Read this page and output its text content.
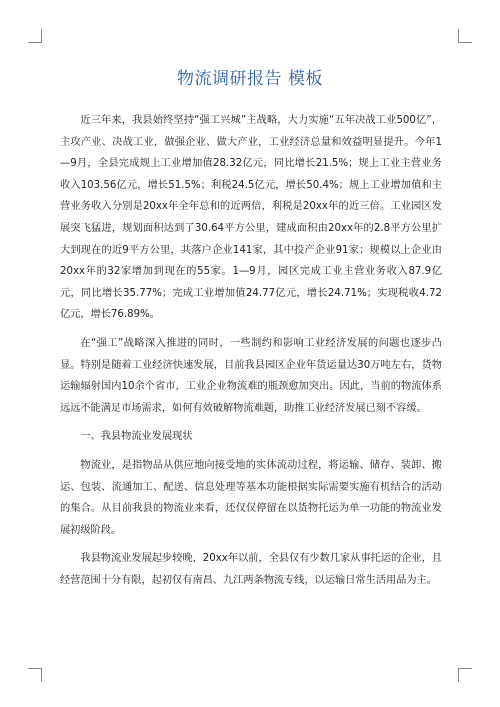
物流调研报告 模板

近三年来，我县始终坚持“强工兴城”主战略，大力实施“五年决战工业500亿”，主攻产业、决战工业，做强企业、做大产业，工业经济总量和效益明显提升。今年1—9月，全县完成规上工业增加值28.32亿元，同比增长21.5%；规上工业主营业务收入103.56亿元，增长51.5%；利税24.5亿元，增长50.4%；规上工业增加值和主营业务收入分别是20xx年全年总和的近两倍，利税是20xx年的近三倍。工业园区发展突飞猛进，规划面积达到了30.64平方公里，建成面积由20xx年的2.8平方公里扩大到现在的近9平方公里，共落户企业141家，其中投产企业91家；规模以上企业由20xx年的32家增加到现在的55家。1—9月，园区完成工业主营业务收入87.9亿元，同比增长35.77%；完成工业增加值24.77亿元，增长24.71%；实现税收4.72亿元，增长76.89%。

在“强工”战略深入推进的同时，一些制约和影响工业经济发展的问题也逐步凸显。特别是随着工业经济快速发展，目前我县园区企业年货运量达30万吨左右，货物运输辐射国内10余个省市，工业企业物流难的瓶颈愈加突出。因此，当前的物流体系远远不能满足市场需求，如何有效破解物流难题，助推工业经济发展已刻不容缓。

一、我县物流业发展现状

物流业，是指物品从供应地向接受地的实体流动过程，将运输、储存、装卸、搬运、包装、流通加工、配送、信息处理等基本功能根据实际需要实施有机结合的活动的集合。从目前我县的物流业来看，还仅仅停留在以货物托运为单一功能的物流业发展初级阶段。

我县物流业发展起步较晚，20xx年以前，全县仅有少数几家从事托运的企业，且经营范围十分有限，起初仅有南昌、九江两条物流专线，以运输日常生活用品为主。
